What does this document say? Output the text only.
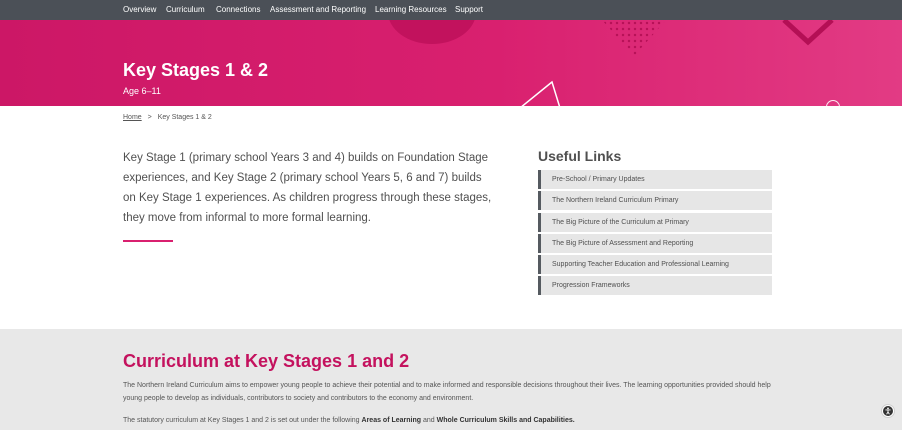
Overview Curriculum Connections Assessment and Reporting Learning Resources Support
Key Stages 1 & 2
Age 6–11
Home > Key Stages 1 & 2

Key Stage 1 (primary school Years 3 and 4) builds on Foundation Stage experiences, and Key Stage 2 (primary school Years 5, 6 and 7) builds on Key Stage 1 experiences. As children progress through these stages, they move from informal to more formal learning.

Useful Links
Pre-School / Primary Updates
The Northern Ireland Curriculum Primary
The Big Picture of the Curriculum at Primary
The Big Picture of Assessment and Reporting
Supporting Teacher Education and Professional Learning
Progression Frameworks
Curriculum at Key Stages 1 and 2

The Northern Ireland Curriculum aims to empower young people to achieve their potential and to make informed and responsible decisions throughout their lives. The learning opportunities provided should help young people to develop as individuals, contributors to society and contributors to the economy and environment.

The statutory curriculum at Key Stages 1 and 2 is set out under the following Areas of Learning and Whole Curriculum Skills and Capabilities.
